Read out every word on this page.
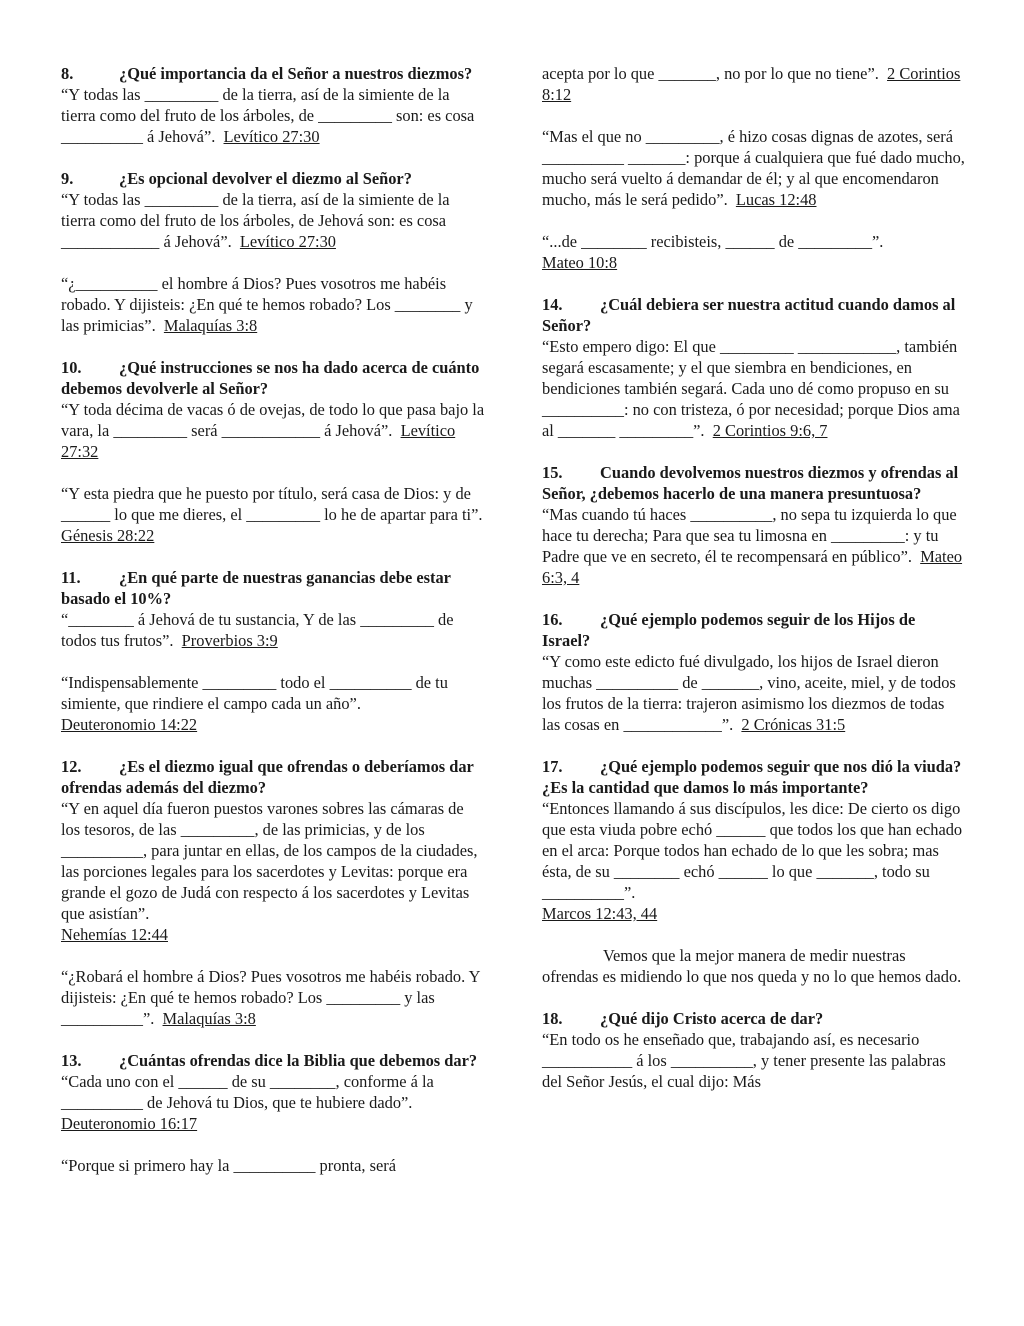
8.	¿Qué importancia da el Señor a nuestros diezmos?

“Y todas las _________ de la tierra, así de la simiente de la tierra como del fruto de los árboles, de _________ son: es cosa __________ á Jehová”. Levítico 27:30

9.	¿Es opcional devolver el diezmo al Señor?

“Y todas las _________ de la tierra, así de la simiente de la tierra como del fruto de los árboles, de Jehová son: es cosa ____________ á Jehová”. Levítico 27:30

“¿__________ el hombre á Dios? Pues vosotros me habéis robado. Y dijisteis: ¿En qué te hemos robado? Los ________ y las primicias”. Malaquías 3:8

10. ¿Qué instrucciones se nos ha dado acerca de cuánto debemos devolverle al Señor?

“Y toda décima de vacas ó de ovejas, de todo lo que pasa bajo la vara, la _________ será ____________ á Jehová”. Levítico 27:32

“Y esta piedra que he puesto por título, será casa de Dios: y de ______ lo que me dieres, el _________ lo he de apartar para ti”.
Génesis 28:22

11. ¿En qué parte de nuestras ganancias debe estar basado el 10%?

“________ á Jehová de tu sustancia, Y de las _________ de todos tus frutos”. Proverbios 3:9

“Indispensablemente _________ todo el __________ de tu simiente, que rindiere el campo cada un año”.
Deuteronomio 14:22

12. ¿Es el diezmo igual que ofrendas o deberíamos dar ofrendas además del diezmo?

“Y en aquel día fueron puestos varones sobres las cámaras de los tesoros, de las _________, de las primicias, y de los __________, para juntar en ellas, de los campos de la ciudades, las porciones legales para los sacerdotes y Levitas: porque era grande el gozo de Judá con respecto á los sacerdotes y Levitas que asistían”.
Nehemías 12:44

“¿Robará el hombre á Dios? Pues vosotros me habéis robado. Y dijisteis: ¿En qué te hemos robado? Los _________ y las __________”. Malaquías 3:8

13. ¿Cuántas ofrendas dice la Biblia que debemos dar?

“Cada uno con el ______ de su ________, conforme á la __________ de Jehová tu Dios, que te hubiere dado”.  Deuteronomio 16:17

“Porque si primero hay la __________ pronta, será

acepta por lo que _______, no por lo que no tiene”. 2 Corintios 8:12

“Mas el que no _________, é hizo cosas dignas de azotes, será __________ _______: porque á cualquiera que fué dado mucho, mucho será vuelto á demandar de él; y al que encomendaron mucho, más le será pedido”. Lucas 12:48

“...de ________ recibisteis, ______ de _________”.
Mateo 10:8

14. ¿Cuál debiera ser nuestra actitud cuando damos al Señor?

“Esto empero digo: El que _________ ____________, también segará escasamente; y el que siembra en bendiciones, en bendiciones también segará. Cada uno dé como propuso en su __________: no con tristeza, ó por necesidad; porque Dios ama al _______ _________”. 2 Corintios 9:6, 7

15. Cuando devolvemos nuestros diezmos y ofrendas al Señor, ¿debemos hacerlo de una manera presuntuosa?

“Mas cuando tú haces __________, no sepa tu izquierda lo que hace tu derecha; Para que sea tu limosna en _________: y tu Padre que ve en secreto, él te recompensará en público”. Mateo 6:3, 4

16. ¿Qué ejemplo podemos seguir de los Hijos de Israel?

“Y como este edicto fué divulgado, los hijos de Israel dieron muchas __________ de _______, vino, aceite, miel, y de todos los frutos de la tierra: trajeron asimismo los diezmos de todas las cosas en ____________”. 2 Crónicas 31:5

17. ¿Qué ejemplo podemos seguir que nos dió la viuda? ¿Es la cantidad que damos lo más importante?

“Entonces llamando á sus discípulos, les dice: De cierto os digo que esta viuda pobre echó ______ que todos los que han echado en el arca: Porque todos han echado de lo que les sobra; mas ésta, de su ________ echó ______ lo que _______, todo su __________”.
Marcos 12:43, 44

Vemos que la mejor manera de medir nuestras ofrendas es midiendo lo que nos queda y no lo que hemos dado.

18. ¿Qué dijo Cristo acerca de dar?

“En todo os he enseñado que, trabajando así, es necesario ___________ á los __________, y tener presente las palabras del Señor Jesús, el cual dijo: Más
